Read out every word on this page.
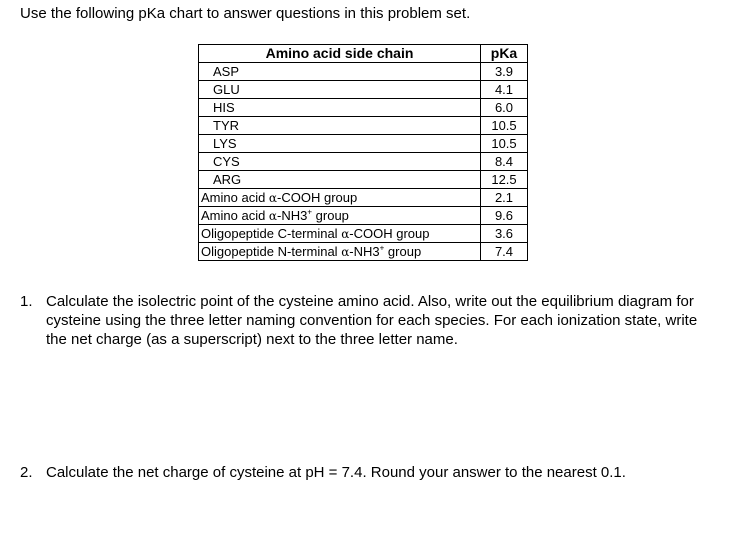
Use the following pKa chart to answer questions in this problem set.

Amino acid side chain	pKa
ASP	3.9
GLU	4.1
HIS	6.0
TYR	10.5
LYS	10.5
CYS	8.4
ARG	12.5
Amino acid α-COOH group	2.1
Amino acid α-NH3+ group	9.6
Oligopeptide C-terminal α-COOH group	3.6
Oligopeptide N-terminal α-NH3+ group	7.4
1. Calculate the isolectric point of the cysteine amino acid. Also, write out the equilibrium diagram for cysteine using the three letter naming convention for each species. For each ionization state, write the net charge (as a superscript) next to the three letter name.
2. Calculate the net charge of cysteine at pH = 7.4. Round your answer to the nearest 0.1.
